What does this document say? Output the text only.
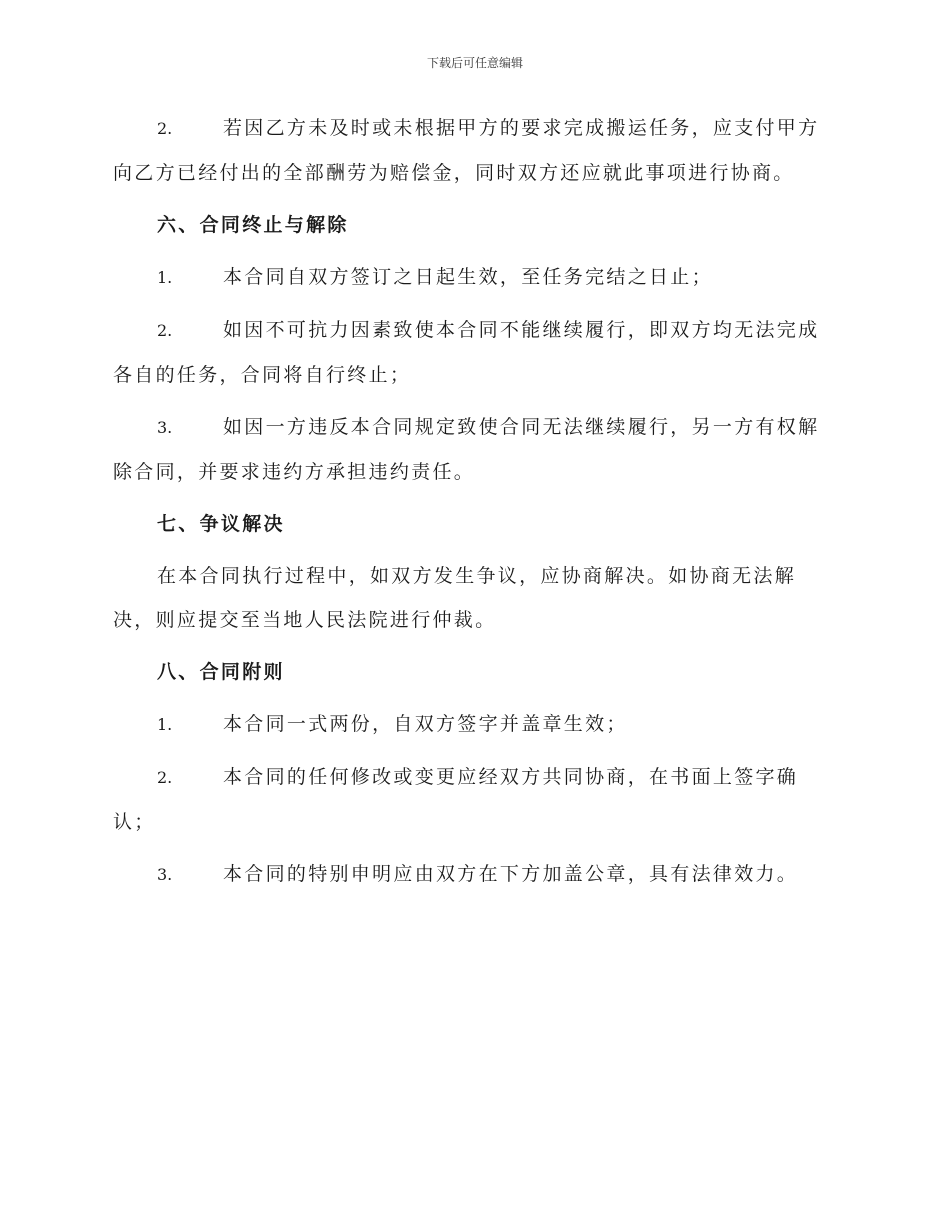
下载后可任意编辑

2.	若因乙方未及时或未根据甲方的要求完成搬运任务，应支付甲方向乙方已经付出的全部酬劳为赔偿金，同时双方还应就此事项进行协商。

六、合同终止与解除

1.	本合同自双方签订之日起生效，至任务完结之日止；

2.	如因不可抗力因素致使本合同不能继续履行，即双方均无法完成各自的任务，合同将自行终止；

3.	如因一方违反本合同规定致使合同无法继续履行，另一方有权解除合同，并要求违约方承担违约责任。

七、争议解决

在本合同执行过程中，如双方发生争议，应协商解决。如协商无法解决，则应提交至当地人民法院进行仲裁。

八、合同附则

1.	本合同一式两份，自双方签字并盖章生效；

2.	本合同的任何修改或变更应经双方共同协商，在书面上签字确认；

3.	本合同的特别申明应由双方在下方加盖公章，具有法律效力。
